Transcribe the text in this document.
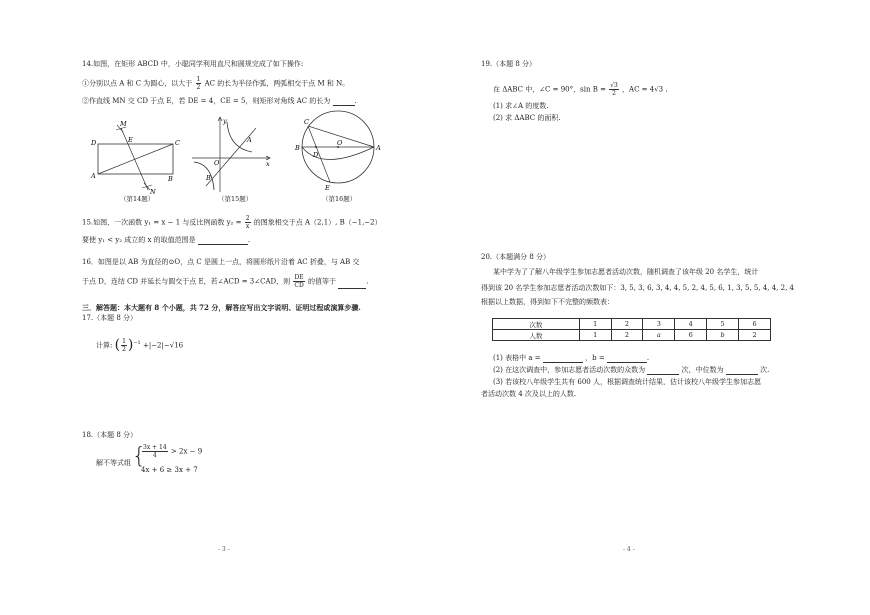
14.如图，在矩形 ABCD 中，小聪同学利用直尺和圆规完成了如下操作:
①分别以点 A 和 C 为圆心，以大于 $\frac{1}{2}$ AC 的长为半径作弧，两弧相交于点 M 和 N。
②作直线 MN 交 CD 于点 E，若 DE = 4，CE = 5，则矩形对角线 AC 的长为	.
M
D	E	C
A	B
N
（第14题）
y
O	x
A
B
（第15题）
C
B
D
O
A
E
（第16题）
15.如图，一次函数 y₁ = x − 1 与反比例函数 $y_2 = \frac{2}{x}$ 的图象相交于点 A（2,1）, B（−1,−2）
要使 y₁ < y₂ 成立的 x 的取值范围是	.
16．如图是以 AB 为直径的⊙O，点 C 是圆上一点，将圆形纸片沿着 AC 折叠，与 AB 交
于点 D，连结 CD 并延长与圆交于点 E，若∠ACD = 3∠CAD，则 $\frac{DE}{CD}$ 的值等于	.
三．解答题：本大题有 8 个小题，共 72 分，解答应写出文字说明、证明过程或演算步骤.
17.（本题 8 分）
计算: ( $\frac{1}{2} )^{-1} +|-2|-√16$
18.（本题 8 分）
解不等式组 {
$\frac{3x + 14}{4} > 2x - 9$
4x + 6 ≥ 3x + 7
- 3 -
19.（本题 8 分）
在 ΔABC 中，∠C = 90°，$\sin B = \frac{√3}{2}$ ，AC = 4√3 .
(1) 求∠A 的度数.
(2) 求 ΔABC 的面积.
20.（本题满分 8 分）
某中学为了了解八年级学生参加志愿者活动次数，随机调查了该年级 20 名学生，统计
得到该 20 名学生参加志愿者活动次数如下：3, 5, 3, 6, 3, 4, 4, 5, 2, 4, 5, 6, 1, 3, 5, 5, 4, 4, 2, 4
根据以上数据，得到如下不完整的频数表：
次数	1	2	3	4	5	6
人数	1	2	a	6	b	2
(1) 表格中 a =	，b =	.
(2) 在这次调查中，参加志愿者活动次数的众数为	次，中位数为	次.
(3) 若该校八年级学生共有 600 人，根据调查统计结果，估计该校八年级学生参加志愿
者活动次数 4 次及以上的人数.
- 4 -
